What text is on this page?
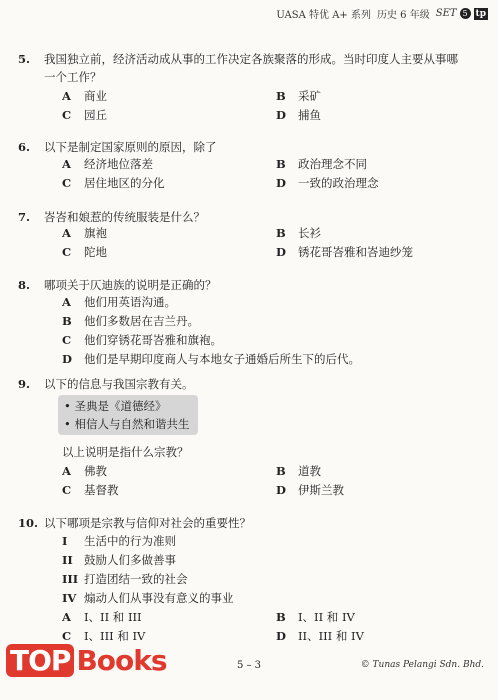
UASA 特优 A+ 系列 历史 6 年级 SET 5 tp
5. 我国独立前，经济活动成从事的工作决定各族聚落的形成。当时印度人主要从事哪
一个工作？
A 商业	B 采矿
C 园丘	D 捕鱼
6. 以下是制定国家原则的原因，除了
A 经济地位落差	B 政治理念不同
C 居住地区的分化	D 一致的政治理念
7. 峇峇和娘惹的传统服装是什么？
A 旗袍	B 长衫
C 陀地	D 锈花哥峇雅和峇迪纱笼
8. 哪项关于仄迪族的说明是正确的？
A 他们用英语沟通。
B 他们多数居在吉兰丹。
C 他们穿锈花哥峇雅和旗袍。
D 他们是早期印度商人与本地女子通婚后所生下的后代。
9. 以下的信息与我国宗教有关。
• 圣典是《道德经》
• 相信人与自然和谐共生
以上说明是指什么宗教？
A 佛教	B 道教
C 基督教	D 伊斯兰教
10. 以下哪项是宗教与信仰对社会的重要性？
I 生活中的行为准则
II 鼓励人们多做善事
III 打造团结一致的社会
IV 煽动人们从事没有意义的事业
A I、II 和 III	B I、II 和 IV
C I、III 和 IV	D II、III 和 IV
5 – 3	© Tunas Pelangi Sdn. Bhd.
TOP Books
